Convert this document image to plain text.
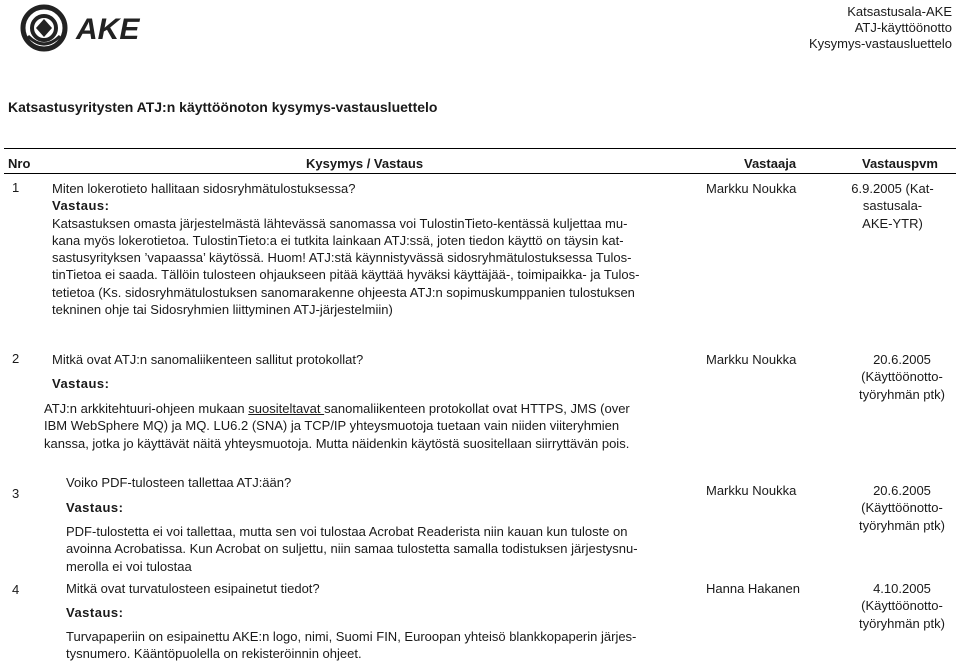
AKE
Katsastusala-AKE
ATJ-käyttöönotto
Kysymys-vastausluettelo
Katsastusyritysten ATJ:n käyttöönoton kysymys-vastausluettelo
Nro	Kysymys / Vastaus	Vastaaja	Vastauspvm
1	Miten lokerotieto hallitaan sidosryhmätulostuksessa?
Vastaus:
Katsastuksen omasta järjestelmästä lähtevässä sanomassa voi TulostinTieto-kentässä kuljettaa mu-
kana myös lokerotietoa. TulostinTieto:a ei tutkita lainkaan ATJ:ssä, joten tiedon käyttö on täysin kat-
sastusyrityksen ’vapaassa’ käytössä. Huom! ATJ:stä käynnistyvässä sidosryhmätulostuksessa Tulos-
tinTietoa ei saada. Tällöin tulosteen ohjaukseen pitää käyttää hyväksi käyttäjää-, toimipaikka- ja Tulos-
tetietoa (Ks. sidosryhmätulostuksen sanomarakenne ohjeesta ATJ:n sopimuskumppanien tulostuksen
tekninen ohje tai Sidosryhmien liittyminen ATJ-järjestelmiin)
Markku Noukka	6.9.2005 (Kat-
sastusala-
AKE-YTR)
2	Mitkä ovat ATJ:n sanomaliikenteen sallitut protokollat?
Vastaus:
ATJ:n arkkitehtuuri-ohjeen mukaan suositeltavat sanomaliikenteen protokollat ovat HTTPS, JMS (over
IBM WebSphere MQ) ja MQ. LU6.2 (SNA) ja TCP/IP yhteysmuotoja tuetaan vain niiden viiteryhmien
kanssa, jotka jo käyttävät näitä yhteysmuotoja. Mutta näidenkin käytöstä suositellaan siirryttävän pois.
Markku Noukka	20.6.2005
(Käyttöönotto-
työryhmän ptk)
3
Voiko PDF-tulosteen tallettaa ATJ:ään?
Vastaus:
PDF-tulostetta ei voi tallettaa, mutta sen voi tulostaa Acrobat Readerista niin kauan kun tuloste on
avoinna Acrobatissa. Kun Acrobat on suljettu, niin samaa tulostetta samalla todistuksen järjestysnu-
merolla ei voi tulostaa
Markku Noukka	20.6.2005
(Käyttöönotto-
työryhmän ptk)
4	Mitkä ovat turvatulosteen esipainetut tiedot?
Vastaus:
Turvapaperiin on esipainettu AKE:n logo, nimi, Suomi FIN, Euroopan yhteisö blankkopaperin järjes-
tysnumero. Kääntöpuolella on rekisteröinnin ohjeet.
Hanna Hakanen	4.10.2005
(Käyttöönotto-
työryhmän ptk)
